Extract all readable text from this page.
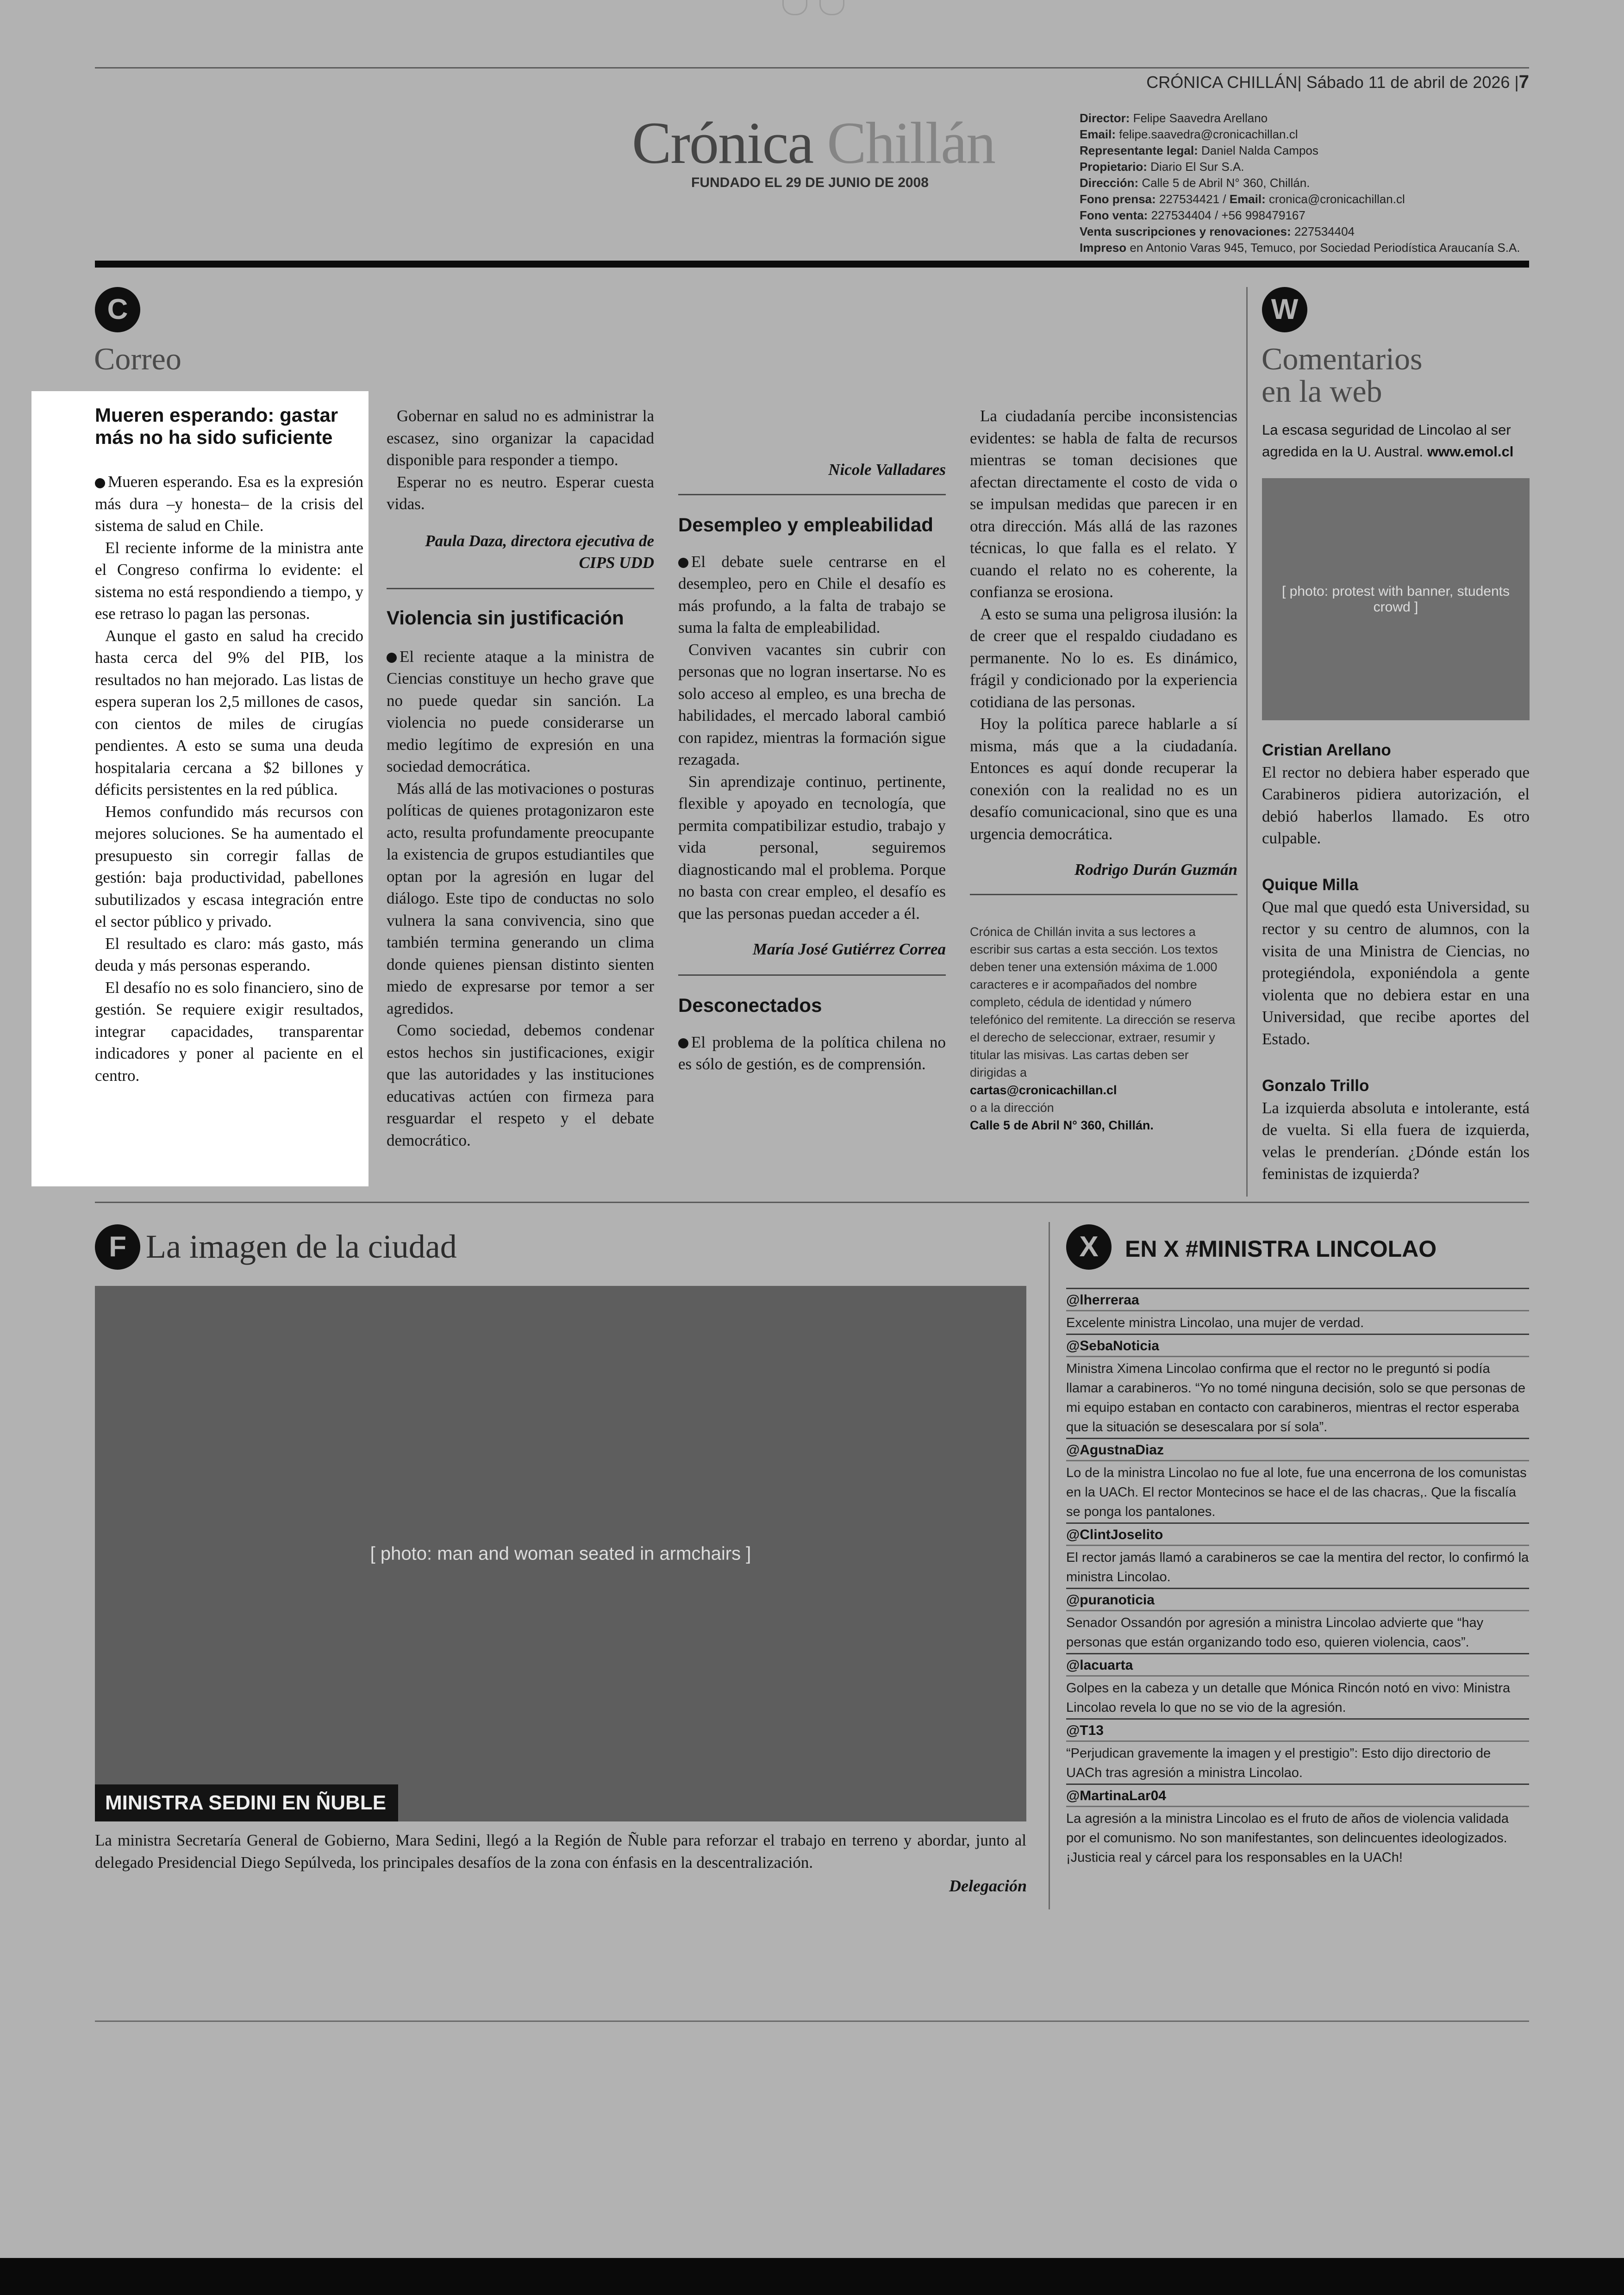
CRÓNICA CHILLÁN| Sábado 11 de abril de 2026 |7
Crónica Chillán
FUNDADO EL 29 DE JUNIO DE 2008
Director: Felipe Saavedra Arellano
Email: felipe.saavedra@cronicachillan.cl
Representante legal: Daniel Nalda Campos
Propietario: Diario El Sur S.A.
Dirección: Calle 5 de Abril N° 360, Chillán.
Fono prensa: 227534421 / Email: cronica@cronicachillan.cl
Fono venta: 227534404 / +56 998479167
Venta suscripciones y renovaciones: 227534404
Impreso en Antonio Varas 945, Temuco, por Sociedad Periodística Araucanía S.A.
C
Correo
Mueren esperando: gastar más no ha sido suficiente

Mueren esperando. Esa es la expresión más dura –y honesta– de la crisis del sistema de salud en Chile.

El reciente informe de la ministra ante el Congreso confirma lo evidente: el sistema no está respondiendo a tiempo, y ese retraso lo pagan las personas.

Aunque el gasto en salud ha crecido hasta cerca del 9% del PIB, los resultados no han mejorado. Las listas de espera superan los 2,5 millones de casos, con cientos de miles de cirugías pendientes. A esto se suma una deuda hospitalaria cercana a $2 billones y déficits persistentes en la red pública.

Hemos confundido más recursos con mejores soluciones. Se ha aumentado el presupuesto sin corregir fallas de gestión: baja productividad, pabellones subutilizados y escasa integración entre el sector público y privado.

El resultado es claro: más gasto, más deuda y más personas esperando.

El desafío no es solo financiero, sino de gestión. Se requiere exigir resultados, integrar capacidades, transparentar indicadores y poner al paciente en el centro.

Gobernar en salud no es administrar la escasez, sino organizar la capacidad disponible para responder a tiempo.

Esperar no es neutro. Esperar cuesta vidas.

Paula Daza, directora ejecutiva de CIPS UDD

Violencia sin justificación

El reciente ataque a la ministra de Ciencias constituye un hecho grave que no puede quedar sin sanción. La violencia no puede considerarse un medio legítimo de expresión en una sociedad democrática.

Más allá de las motivaciones o posturas políticas de quienes protagonizaron este acto, resulta profundamente preocupante la existencia de grupos estudiantiles que optan por la agresión en lugar del diálogo. Este tipo de conductas no solo vulnera la sana convivencia, sino que también termina generando un clima donde quienes piensan distinto sienten miedo de expresarse por temor a ser agredidos.

Como sociedad, debemos condenar estos hechos sin justificaciones, exigir que las autoridades y las instituciones educativas actúen con firmeza para resguardar el respeto y el debate democrático.

Nicole Valladares

Desempleo y empleabilidad

El debate suele centrarse en el desempleo, pero en Chile el desafío es más profundo, a la falta de trabajo se suma la falta de empleabilidad.

Conviven vacantes sin cubrir con personas que no logran insertarse. No es solo acceso al empleo, es una brecha de habilidades, el mercado laboral cambió con rapidez, mientras la formación sigue rezagada.

Sin aprendizaje continuo, pertinente, flexible y apoyado en tecnología, que permita compatibilizar estudio, trabajo y vida personal, seguiremos diagnosticando mal el problema. Porque no basta con crear empleo, el desafío es que las personas puedan acceder a él.

María José Gutiérrez Correa

Desconectados

El problema de la política chilena no es sólo de gestión, es de comprensión.

La ciudadanía percibe inconsistencias evidentes: se habla de falta de recursos mientras se toman decisiones que afectan directamente el costo de vida o se impulsan medidas que parecen ir en otra dirección. Más allá de las razones técnicas, lo que falla es el relato. Y cuando el relato no es coherente, la confianza se erosiona.

A esto se suma una peligrosa ilusión: la de creer que el respaldo ciudadano es permanente. No lo es. Es dinámico, frágil y condicionado por la experiencia cotidiana de las personas.

Hoy la política parece hablarle a sí misma, más que a la ciudadanía. Entonces es aquí donde recuperar la conexión con la realidad no es un desafío comunicacional, sino que es una urgencia democrática.

Rodrigo Durán Guzmán

Crónica de Chillán invita a sus lectores a escribir sus cartas a esta sección. Los textos deben tener una extensión máxima de 1.000 caracteres e ir acompañados del nombre completo, cédula de identidad y número telefónico del remitente. La dirección se reserva el derecho de seleccionar, extraer, resumir y titular las misivas. Las cartas deben ser dirigidas a
cartas@cronicachillan.cl
o a la dirección
Calle 5 de Abril N° 360, Chillán.
W
Comentarios
en la web
La escasa seguridad de Lincolao al ser agredida en la U. Austral. www.emol.cl
[ photo: protest with banner, students crowd ]
Cristian Arellano
El rector no debiera haber esperado que Carabineros pidiera autorización, el debió haberlos llamado. Es otro culpable.
Quique Milla
Que mal que quedó esta Universidad, su rector y su centro de alumnos, con la visita de una Ministra de Ciencias, no protegiéndola, exponiéndola a gente violenta que no debiera estar en una Universidad, que recibe aportes del Estado.
Gonzalo Trillo
La izquierda absoluta e intolerante, está de vuelta. Si ella fuera de izquierda, velas le prenderían. ¿Dónde están los feministas de izquierda?
F La imagen de la ciudad
[ photo: man and woman seated in armchairs ]
MINISTRA SEDINI EN ÑUBLE
La ministra Secretaría General de Gobierno, Mara Sedini, llegó a la Región de Ñuble para reforzar el trabajo en terreno y abordar, junto al delegado Presidencial Diego Sepúlveda, los principales desafíos de la zona con énfasis en la descentralización.
Delegación
X	EN X #MINISTRA LINCOLAO
@lherreraa
Excelente ministra Lincolao, una mujer de verdad.
@SebaNoticia
Ministra Ximena Lincolao confirma que el rector no le preguntó si podía llamar a carabineros. “Yo no tomé ninguna decisión, solo se que personas de mi equipo estaban en contacto con carabineros, mientras el rector esperaba que la situación se desescalara por sí sola”.
@AgustnaDiaz
Lo de la ministra Lincolao no fue al lote, fue una encerrona de los comunistas en la UACh. El rector Montecinos se hace el de las chacras,. Que la fiscalía se ponga los pantalones.
@ClintJoselito
El rector jamás llamó a carabineros se cae la mentira del rector, lo confirmó la ministra Lincolao.
@puranoticia
Senador Ossandón por agresión a ministra Lincolao advierte que “hay personas que están organizando todo eso, quieren violencia, caos”.
@lacuarta
Golpes en la cabeza y un detalle que Mónica Rincón notó en vivo: Ministra Lincolao revela lo que no se vio de la agresión.
@T13
“Perjudican gravemente la imagen y el prestigio”: Esto dijo directorio de UACh tras agresión a ministra Lincolao.
@MartinaLar04
La agresión a la ministra Lincolao es el fruto de años de violencia validada por el comunismo. No son manifestantes, son delincuentes ideologizados. ¡Justicia real y cárcel para los responsables en la UACh!
